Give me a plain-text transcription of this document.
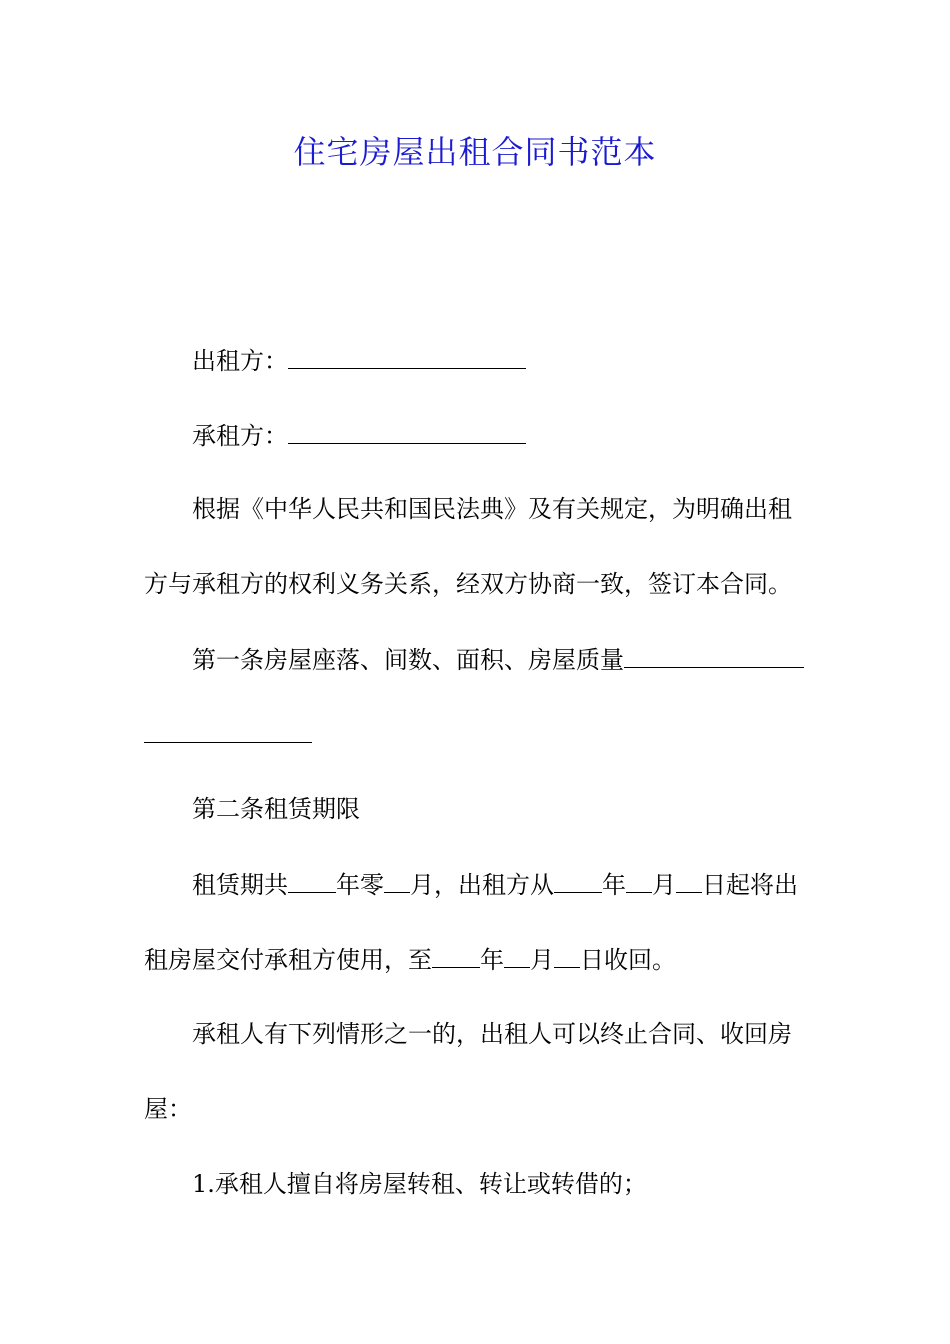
住宅房屋出租合同书范本
出租方：
承租方：
根据《中华人民共和国民法典》及有关规定，为明确出租
方与承租方的权利义务关系，经双方协商一致，签订本合同。
第一条房屋座落、间数、面积、房屋质量
第二条租赁期限
租赁期共 年零 月，出租方从 年 月 日起将出
租房屋交付承租方使用，至 年 月 日收回。
承租人有下列情形之一的，出租人可以终止合同、收回房
屋：
1.承租人擅自将房屋转租、转让或转借的；
